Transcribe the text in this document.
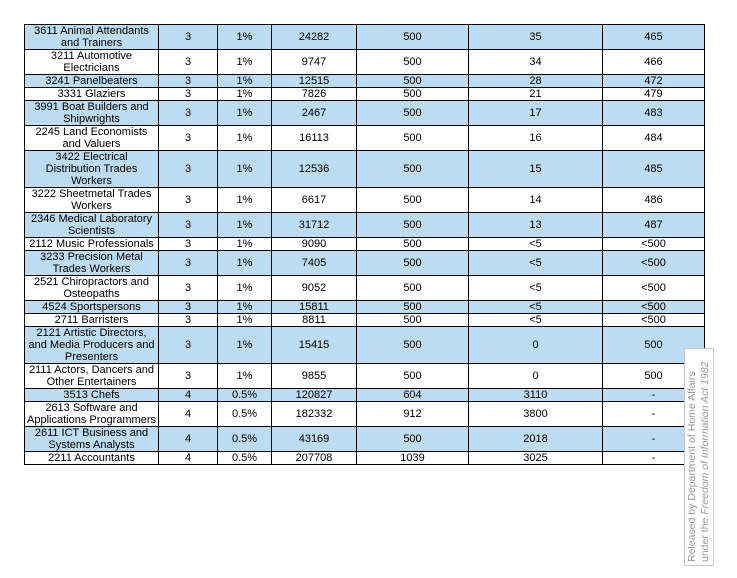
3611 Animal Attendants and Trainers	3	1%	24282	500	35	465
3211 Automotive Electricians	3	1%	9747	500	34	466
3241 Panelbeaters	3	1%	12515	500	28	472
3331 Glaziers	3	1%	7826	500	21	479
3991 Boat Builders and Shipwrights	3	1%	2467	500	17	483
2245 Land Economists and Valuers	3	1%	16113	500	16	484
3422 Electrical Distribution Trades Workers	3	1%	12536	500	15	485
3222 Sheetmetal Trades Workers	3	1%	6617	500	14	486
2346 Medical Laboratory Scientists	3	1%	31712	500	13	487
2112 Music Professionals	3	1%	9090	500	<5	<500
3233 Precision Metal Trades Workers	3	1%	7405	500	<5	<500
2521 Chiropractors and Osteopaths	3	1%	9052	500	<5	<500
4524 Sportspersons	3	1%	15811	500	<5	<500
2711 Barristers	3	1%	8811	500	<5	<500
2121 Artistic Directors, and Media Producers and Presenters	3	1%	15415	500	0	500
2111 Actors, Dancers and Other Entertainers	3	1%	9855	500	0	500
3513 Chefs	4	0.5%	120827	604	3110	-
2613 Software and Applications Programmers	4	0.5%	182332	912	3800	-
2611 ICT Business and Systems Analysts	4	0.5%	43169	500	2018	-
2211 Accountants	4	0.5%	207708	1039	3025	-	Released by Department of Home Affairs under the Freedom of Information Act 1982
